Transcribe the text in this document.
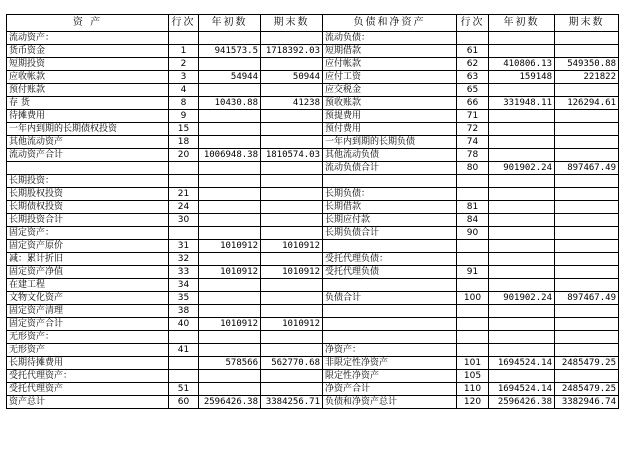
资 产	行次	年初数	期末数	负债和净资产	行次	年初数	期末数
流动资产：				流动负债：			
货币资金	1	941573.5	1718392.03	短期借款	61		
短期投资	2			应付帐款	62	410806.13	549350.88
应收帐款	3	54944	50944	应付工资	63	159148	221822
预付账款	4			应交税金	65		
存 货	8	10430.88	41238	预收账款	66	331948.11	126294.61
待摊费用	9			预提费用	71		
一年内到期的长期债权投资	15			预付费用	72		
其他流动资产	18			一年内到期的长期负债	74		
流动资产合计	20	1006948.38	1810574.03	其他流动负债	78		
				流动负债合计	80	901902.24	897467.49
长期投资：							
长期股权投资	21			长期负债：			
长期债权投资	24			长期借款	81		
长期投资合计	30			长期应付款	84		
固定资产：				长期负债合计	90		
固定资产原价	31	1010912	1010912				
减：累计折旧	32			受托代理负债：			
固定资产净值	33	1010912	1010912	受托代理负债	91		
在建工程	34						
文物文化资产	35			负债合计	100	901902.24	897467.49
固定资产清理	38						
固定资产合计	40	1010912	1010912				
无形资产：							
无形资产	41			净资产：			
长期待摊费用		578566	562770.68	非限定性净资产	101	1694524.14	2485479.25
受托代理资产：				限定性净资产	105		
受托代理资产	51			净资产合计	110	1694524.14	2485479.25
资产总计	60	2596426.38	3384256.71	负债和净资产总计	120	2596426.38	3382946.74
